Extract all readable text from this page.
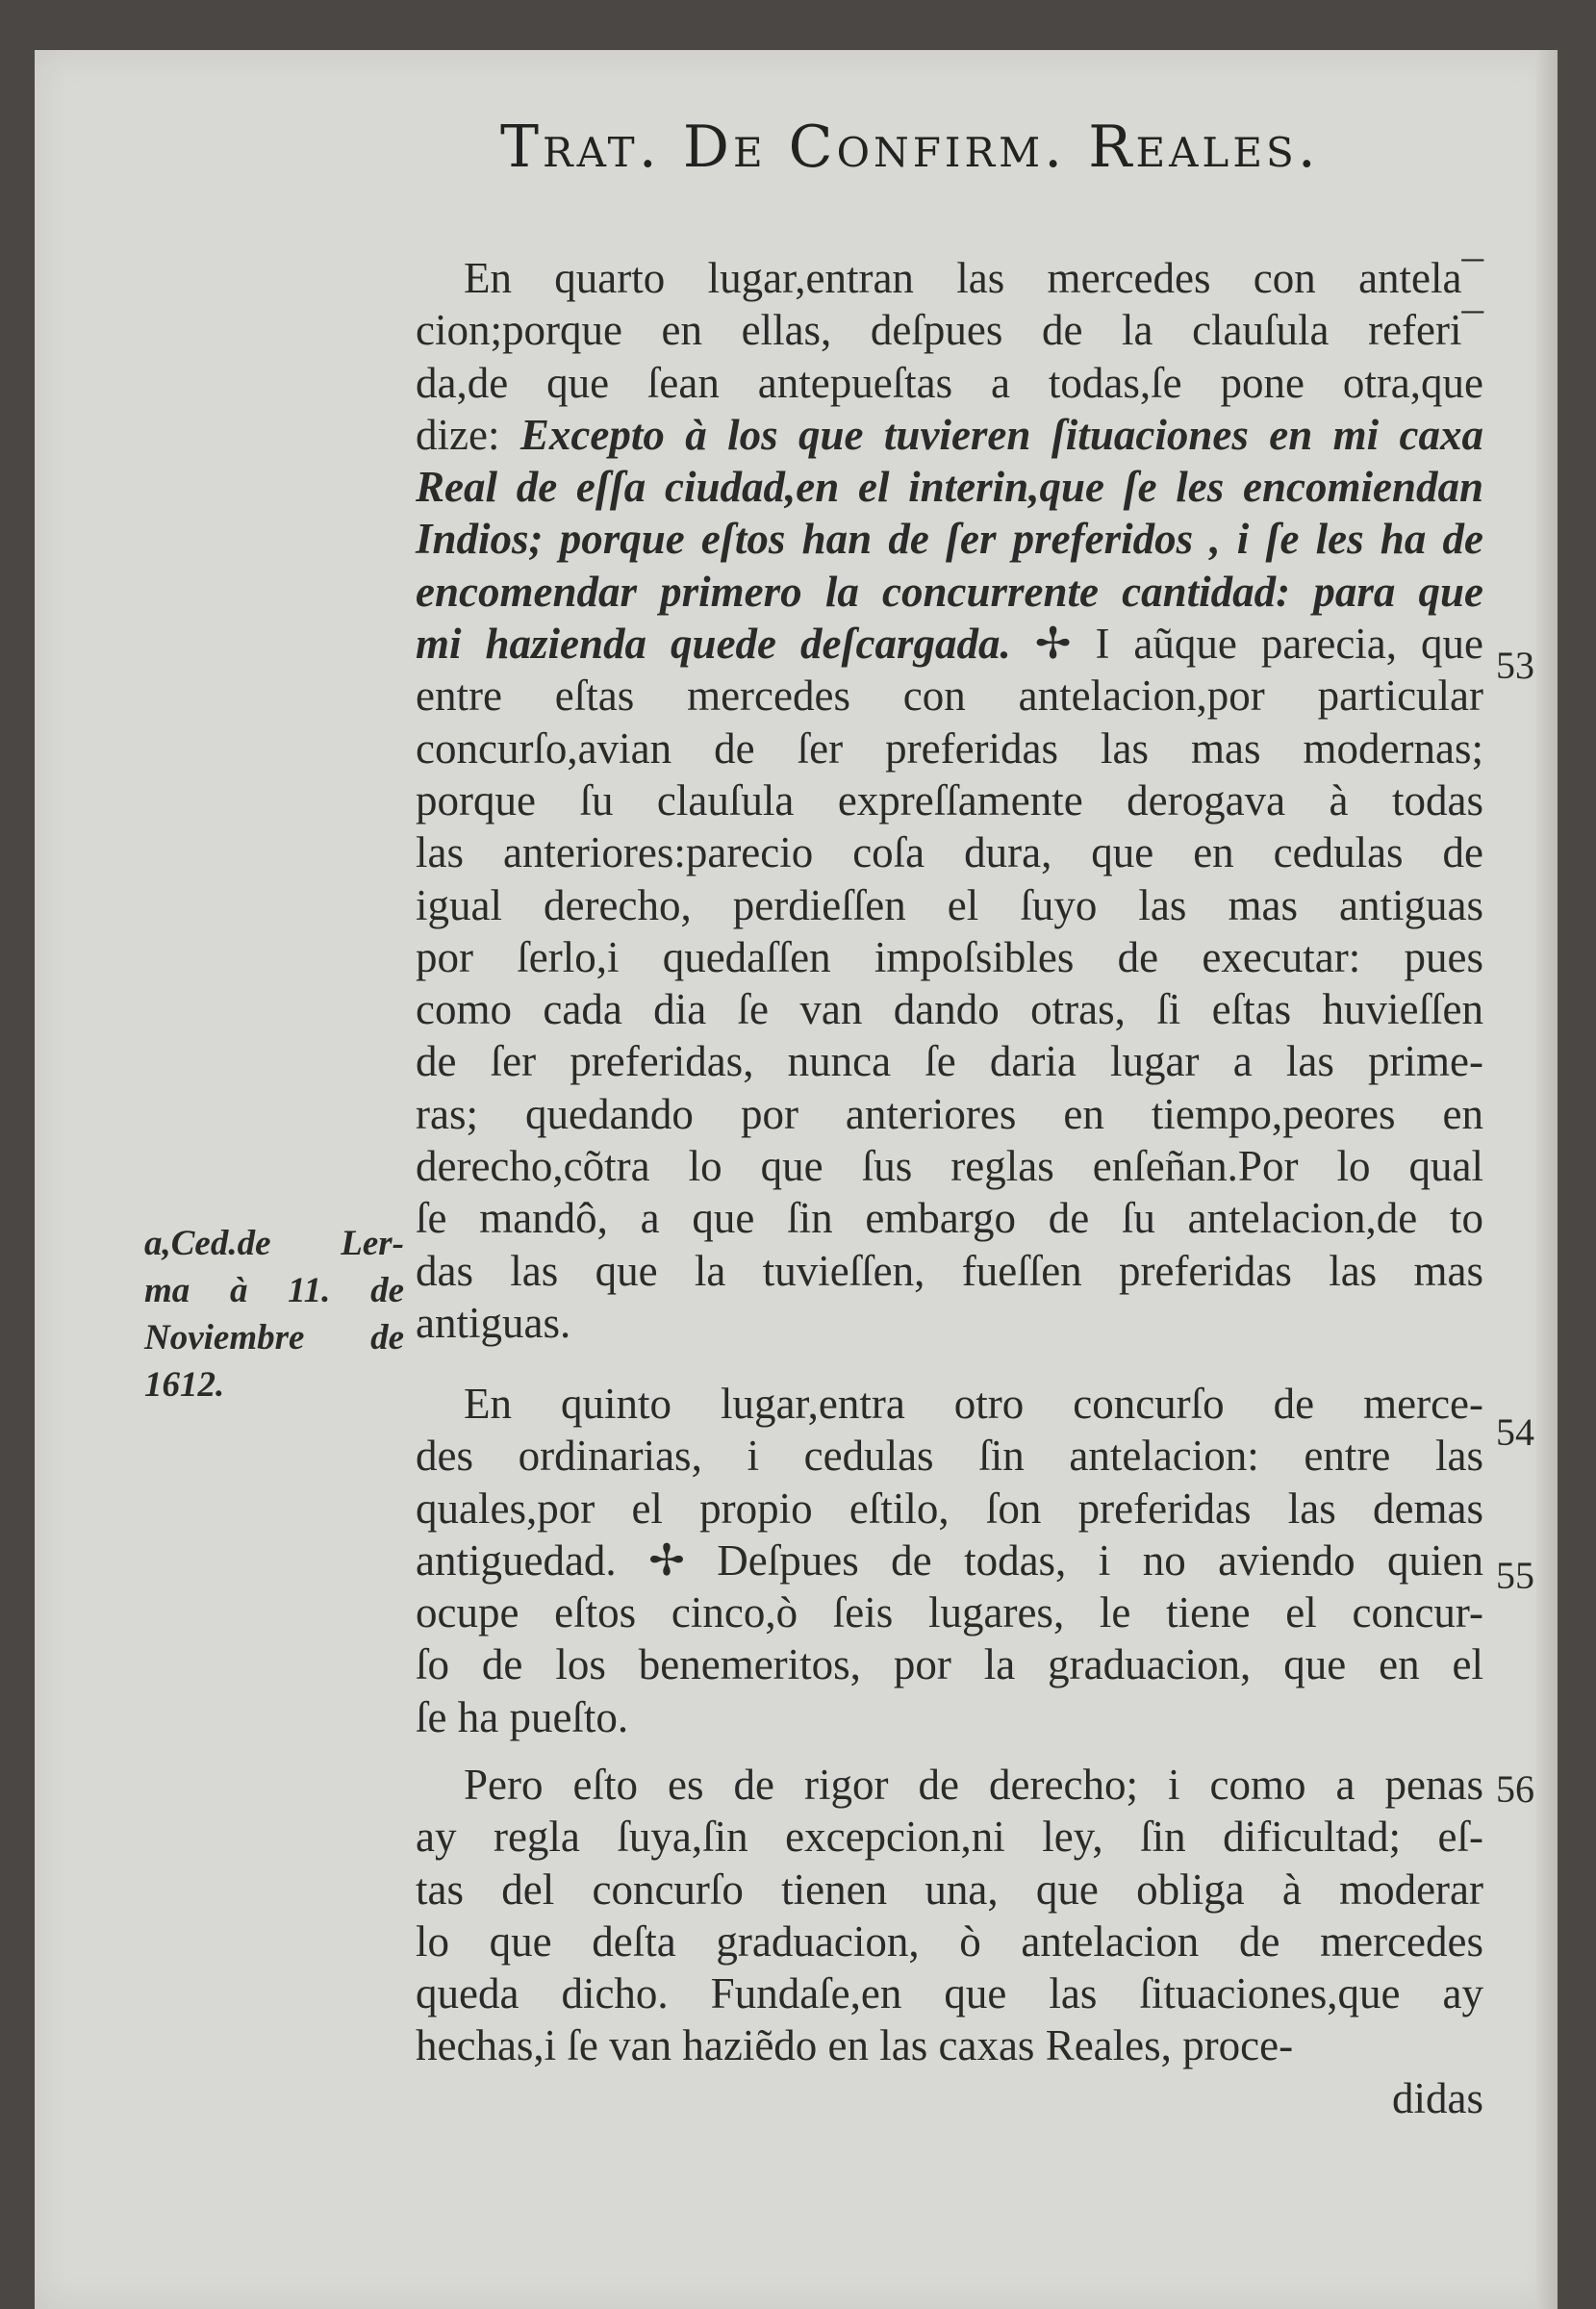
Trat. De Confirm. Reales.
En quarto lugar,entran las mercedes con antela¯
cion;porque en ellas, deſpues de la clauſula referi¯
da,de que ſean antepueſtas a todas,ſe pone otra,que
dize: Excepto à los que tuvieren ſituaciones en mi caxa
Real de eſſa ciudad,en el interin,que ſe les encomiendan
Indios; porque eſtos han de ſer preferidos , i ſe les ha de
encomendar primero la concurrente cantidad: para que
mi hazienda quede deſcargada. ✢ I aũque parecia, que
entre eſtas mercedes con antelacion,por particular
concurſo,avian de ſer preferidas las mas modernas;
porque ſu clauſula expreſſamente derogava à todas
las anteriores:parecio coſa dura, que en cedulas de
igual derecho, perdieſſen el ſuyo las mas antiguas
por ſerlo,i quedaſſen impoſsibles de executar: pues
como cada dia ſe van dando otras, ſi eſtas huvieſſen
de ſer preferidas, nunca ſe daria lugar a las prime-
ras; quedando por anteriores en tiempo,peores en
derecho,cõtra lo que ſus reglas enſeñan.Por lo qual
ſe mandô, a que ſin embargo de ſu antelacion,de to
das las que la tuvieſſen, fueſſen preferidas las mas
antiguas.
En quinto lugar,entra otro concurſo de merce-
des ordinarias, i cedulas ſin antelacion: entre las
quales,por el propio eſtilo, ſon preferidas las demas
antiguedad. ✢ Deſpues de todas, i no aviendo quien
ocupe eſtos cinco,ò ſeis lugares, le tiene el concur-
ſo de los benemeritos, por la graduacion, que en el
ſe ha pueſto.
Pero eſto es de rigor de derecho; i como a penas
ay regla ſuya,ſin excepcion,ni ley, ſin dificultad; eſ-
tas del concurſo tienen una, que obliga à moderar
lo que deſta graduacion, ò antelacion de mercedes
queda dicho. Fundaſe,en que las ſituaciones,que ay
hechas,i ſe van haziẽdo en las caxas Reales, proce-
didas
a,Ced.de Ler-
ma à 11. de
Noviembre de
1612.
53
54
55
56
